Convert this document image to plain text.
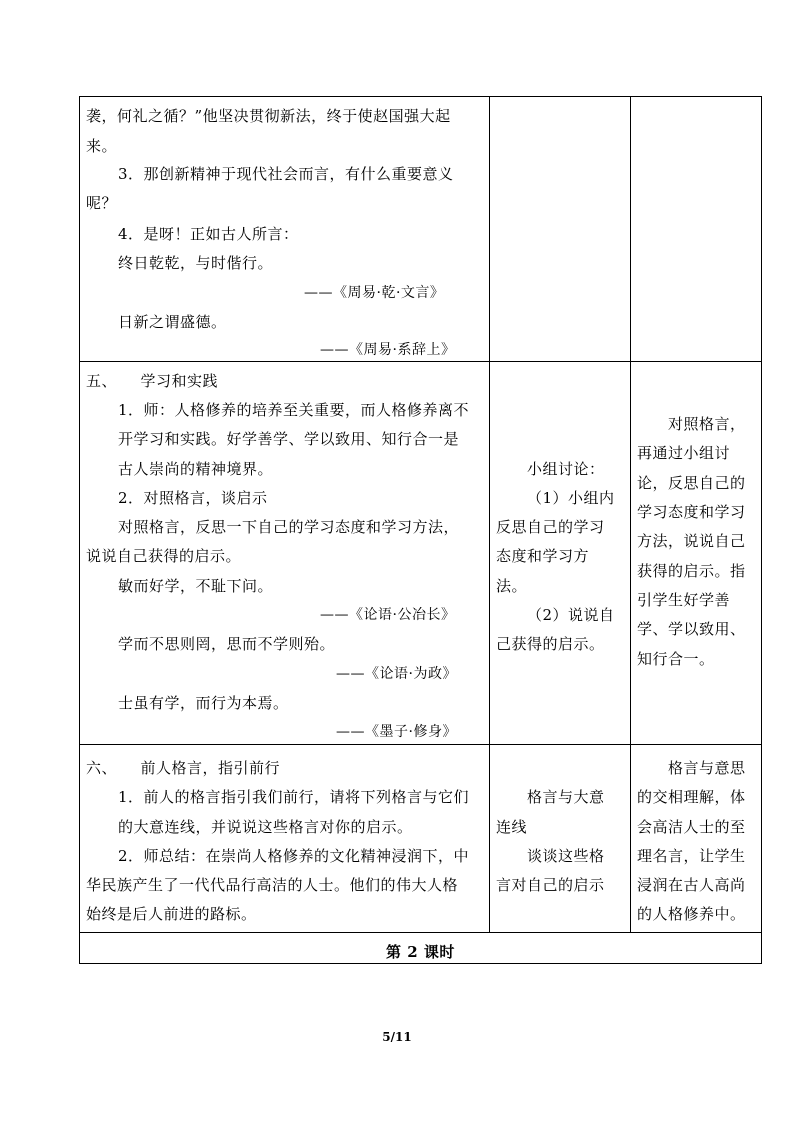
袭，何礼之循？”他坚决贯彻新法，终于使赵国强大起
来。
3．那创新精神于现代社会而言，有什么重要意义
呢？
4．是呀！正如古人所言：
终日乾乾，与时偕行。
——《周易·乾·文言》
日新之谓盛德。
——《周易·系辞上》
五、　　学习和实践
1．师：人格修养的培养至关重要，而人格修养离不
开学习和实践。好学善学、学以致用、知行合一是
古人崇尚的精神境界。
2．对照格言，谈启示
对照格言，反思一下自己的学习态度和学习方法，
说说自己获得的启示。
敏而好学，不耻下问。
——《论语·公冶长》
学而不思则罔，思而不学则殆。
——《论语·为政》
士虽有学，而行为本焉。
——《墨子·修身》
小组讨论：
（1）小组内
反思自己的学习
态度和学习方
法。
（2）说说自
己获得的启示。
对照格言，
再通过小组讨
论，反思自己的
学习态度和学习
方法，说说自己
获得的启示。指
引学生好学善
学、学以致用、
知行合一。
六、　　前人格言，指引前行
1．前人的格言指引我们前行，请将下列格言与它们
的大意连线，并说说这些格言对你的启示。
2．师总结：在崇尚人格修养的文化精神浸润下，中
华民族产生了一代代品行高洁的人士。他们的伟大人格
始终是后人前进的路标。
格言与大意
连线
谈谈这些格
言对自己的启示
格言与意思
的交相理解，体
会高洁人士的至
理名言，让学生
浸润在古人高尚
的人格修养中。
第 2 课时
5/11
